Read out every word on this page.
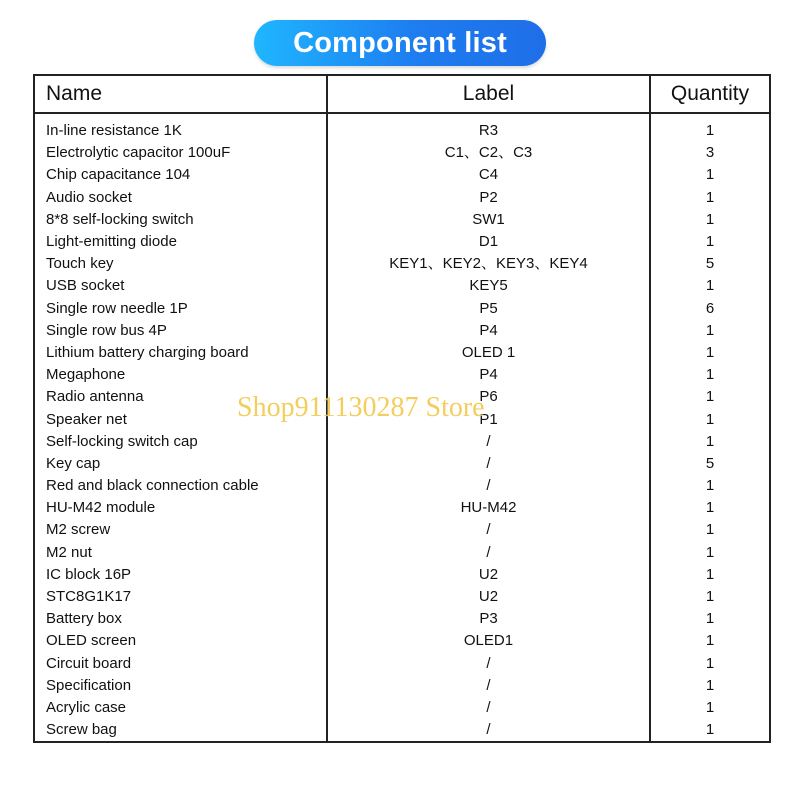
Component list
Name	Label	Quantity
In-line resistance 1K	R3	1
Electrolytic capacitor 100uF	C1、C2、C3	3
Chip capacitance 104	C4	1
Audio socket	P2	1
8*8 self-locking switch	SW1	1
Light-emitting diode	D1	1
Touch key	KEY1、KEY2、KEY3、KEY4	5
USB socket	KEY5	1
Single row needle 1P	P5	6
Single row bus 4P	P4	1
Lithium battery charging board	OLED 1	1
Megaphone	P4	1
Radio antenna	P6	1
Speaker net	P1	1
Self-locking switch cap	/	1
Key cap	/	5
Red and black connection cable	/	1
HU-M42 module	HU-M42	1
M2 screw	/	1
M2 nut	/	1
IC block 16P	U2	1
STC8G1K17	U2	1
Battery box	P3	1
OLED screen	OLED1	1
Circuit board	/	1
Specification	/	1
Acrylic case	/	1
Screw bag	/	1
Shop911130287 Store
